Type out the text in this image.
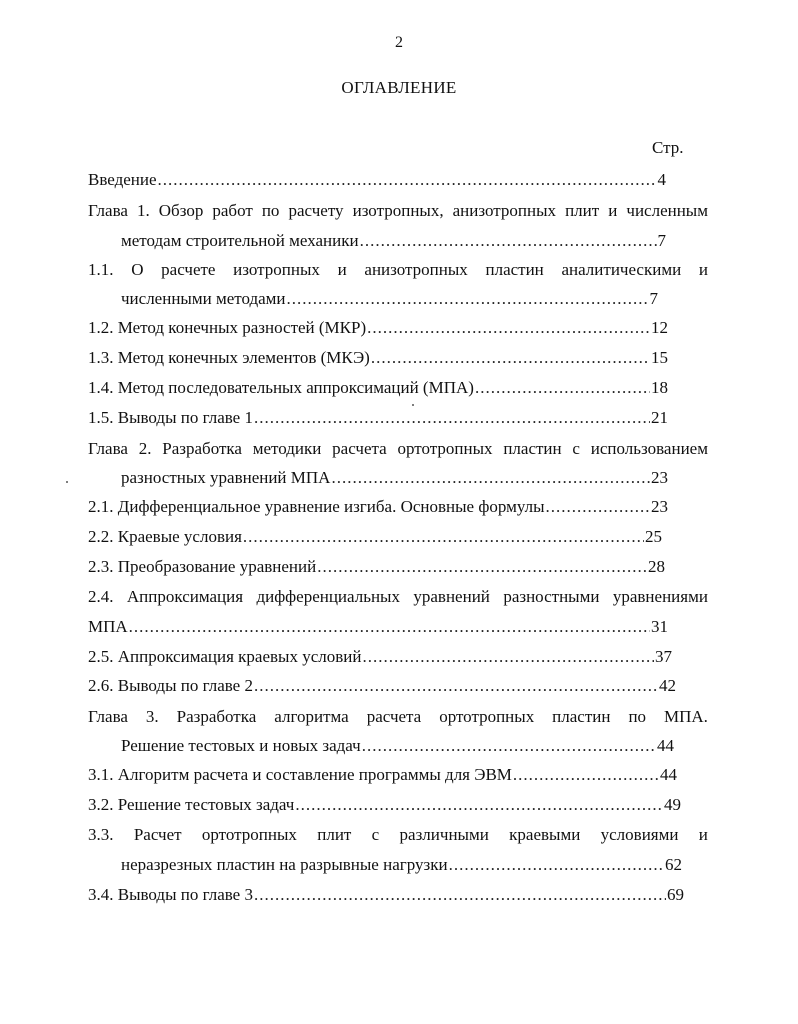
2
ОГЛАВЛЕНИЕ
Стр.
Введение .....	4
Глава 1. Обзор работ по расчету изотропных, анизотропных плит и численным
методам строительной механики .....	7
1.1. О расчете изотропных и анизотропных пластин аналитическими и
численными методами .....	7
1.2. Метод конечных разностей (МКР) .....	12
1.3. Метод конечных элементов (МКЭ) .....	15
1.4. Метод последовательных аппроксимаций (МПА) .....	18
1.5. Выводы по главе 1 .....	21
Глава 2. Разработка методики расчета ортотропных пластин с использованием
разностных уравнений МПА .....	23
2.1. Дифференциальное уравнение изгиба. Основные формулы .....	23
2.2. Краевые условия .....	25
2.3. Преобразование уравнений .....	28
2.4. Аппроксимация дифференциальных уравнений разностными уравнениями
МПА .....	31
2.5. Аппроксимация краевых условий .....	37
2.6. Выводы по главе 2 .....	42
Глава 3. Разработка алгоритма расчета ортотропных пластин по МПА.
Решение тестовых и новых задач .....	44
3.1. Алгоритм расчета и составление программы для ЭВМ .....	44
3.2. Решение тестовых задач .....	49
3.3. Расчет ортотропных плит с различными краевыми условиями и
неразрезных пластин на разрывные нагрузки .....	62
3.4. Выводы по главе 3 .....	69
